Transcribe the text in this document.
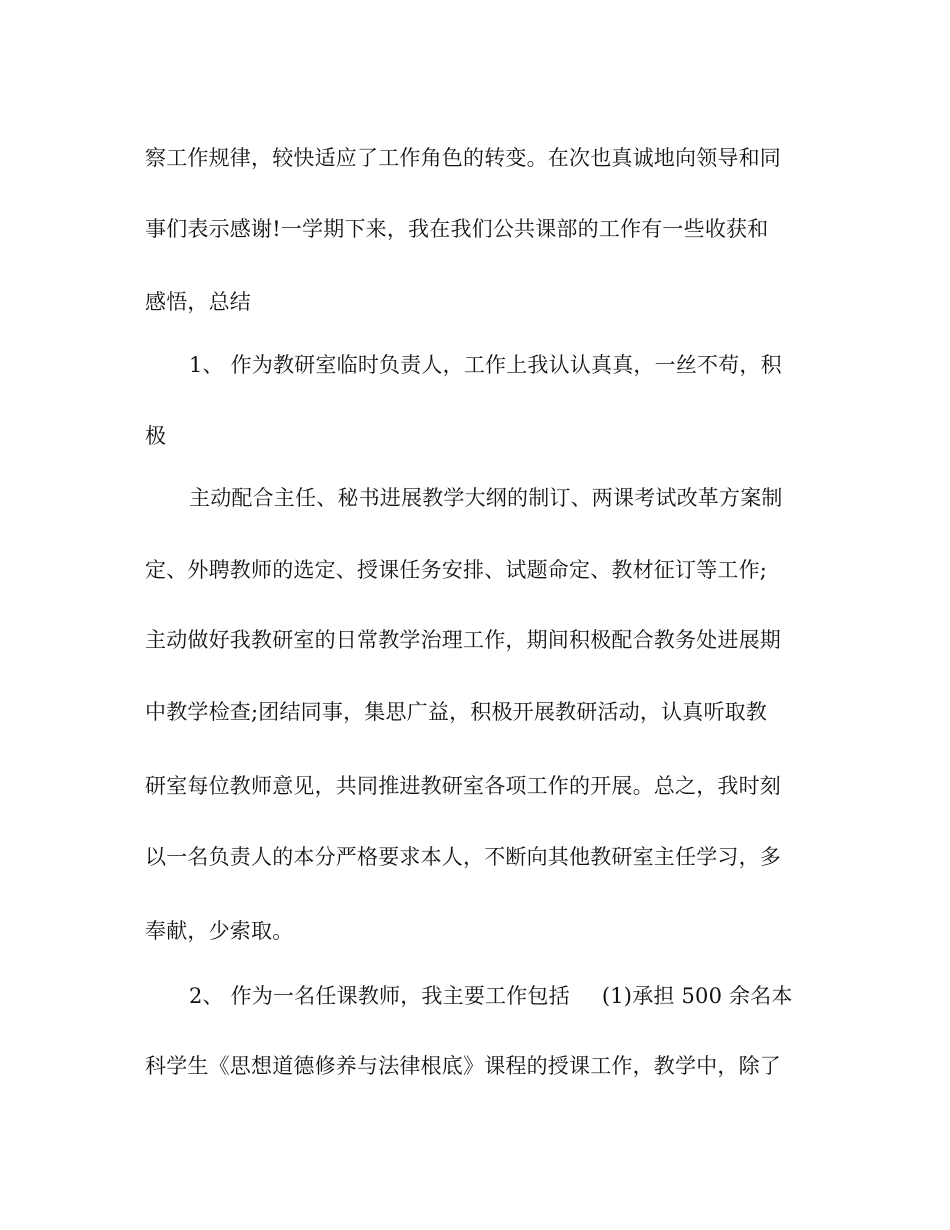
察工作规律，较快适应了工作角色的转变。在次也真诚地向领导和同
事们表示感谢!一学期下来，我在我们公共课部的工作有一些收获和
感悟，总结
1、 作为教研室临时负责人，工作上我认认真真，一丝不苟，积
极
主动配合主任、秘书进展教学大纲的制订、两课考试改革方案制
定、外聘教师的选定、授课任务安排、试题命定、教材征订等工作;
主动做好我教研室的日常教学治理工作，期间积极配合教务处进展期
中教学检查;团结同事，集思广益，积极开展教研活动，认真听取教
研室每位教师意见，共同推进教研室各项工作的开展。总之，我时刻
以一名负责人的本分严格要求本人，不断向其他教研室主任学习，多
奉献，少索取。
2、 作为一名任课教师，我主要工作包括 (1)承担 500 余名本
科学生《思想道德修养与法律根底》课程的授课工作，教学中，除了
